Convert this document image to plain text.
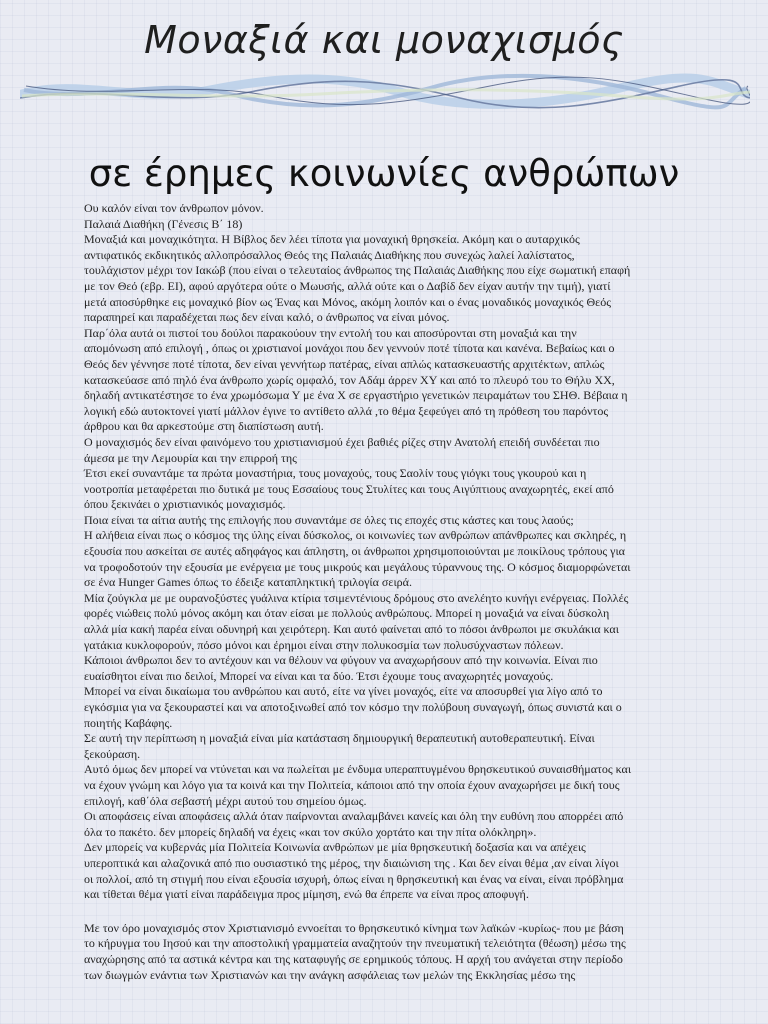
Μοναξιά και μοναχισμός
σε έρημες κοινωνίες ανθρώπων

Ου καλόν είναι τον άνθρωπον μόνον.

Παλαιά Διαθήκη (Γένεσις Β΄ 18)

Μοναξιά και μοναχικότητα. Η Βίβλος δεν λέει τίποτα για μοναχική θρησκεία. Ακόμη και ο αυταρχικός

αντιφατικός εκδικητικός αλλοπρόσαλλος Θεός της Παλαιάς Διαθήκης που συνεχώς λαλεί λαλίστατος,

τουλάχιστον μέχρι τον Ιακώβ (που είναι ο τελευταίος άνθρωπος της Παλαιάς Διαθήκης που είχε σωματική επαφή

με τον Θεό (εβρ. ΕΙ), αφού αργότερα ούτε ο Μωυσής, αλλά ούτε και ο Δαβίδ δεν είχαν αυτήν την τιμή), γιατί

μετά αποσύρθηκε εις μοναχικό βίον ως Ένας και Μόνος, ακόμη λοιπόν και ο ένας μοναδικός μοναχικός Θεός

παραπηρεί και παραδέχεται πως δεν είναι καλό, ο άνθρωπος να είναι μόνος.

Παρ΄όλα αυτά οι πιστοί του δούλοι παρακούουν την εντολή του και αποσύρονται στη μοναξιά και την

απομόνωση από επιλογή , όπως οι χριστιανοί μονάχοι που δεν γεννούν ποτέ τίποτα και κανένα. Βεβαίως και ο

Θεός δεν γέννησε ποτέ τίποτα, δεν είναι γεννήτωρ πατέρας, είναι απλώς κατασκευαστής αρχιτέκτων, απλώς

κατασκεύασε από πηλό ένα άνθρωπο χωρίς ομφαλό, τον Αδάμ άρρεν ΧΥ και από το πλευρό του το Θήλυ ΧΧ,

δηλαδή αντικατέστησε το ένα χρωμόσωμα Υ με ένα Χ σε εργαστήριο γενετικών πειραμάτων του ΣΗΘ. Βέβαια η

λογική εδώ αυτοκτονεί γιατί μάλλον έγινε το αντίθετο αλλά ,το θέμα ξεφεύγει από τη πρόθεση του παρόντος

άρθρου και θα αρκεστούμε στη διαπίστωση αυτή.

Ο μοναχισμός δεν είναι φαινόμενο του χριστιανισμού έχει βαθιές ρίζες στην Ανατολή επειδή συνδέεται πιο

άμεσα με την Λεμουρία και την επιρροή της

Έτσι εκεί συναντάμε τα πρώτα μοναστήρια, τους μοναχούς, τους Σαολίν τους γιόγκι τους γκουρού και η

νοοτροπία μεταφέρεται πιο δυτικά με τους Εσσαίους τους Στυλίτες και τους Αιγύπτιους αναχωρητές, εκεί από

όπου ξεκινάει ο χριστιανικός μοναχισμός.

Ποια είναι τα αίτια αυτής της επιλογής που συναντάμε σε όλες τις εποχές στις κάστες και τους λαούς;

Η αλήθεια είναι πως ο κόσμος της ύλης είναι δύσκολος, οι κοινωνίες των ανθρώπων απάνθρωπες και σκληρές, η

εξουσία που ασκείται σε αυτές αδηφάγος και άπληστη, οι άνθρωποι χρησιμοποιούνται με ποικίλους τρόπους για

να τροφοδοτούν την εξουσία με ενέργεια με τους μικρούς και μεγάλους τύραννους της. Ο κόσμος διαμορφώνεται

σε ένα Hunger Games όπως το έδειξε καταπληκτική τριλογία σειρά.

Μία ζούγκλα με με ουρανοξύστες γυάλινα κτίρια τσιμεντένιους δρόμους στο ανελέητο κυνήγι ενέργειας. Πολλές

φορές νιώθεις πολύ μόνος ακόμη και όταν είσαι με πολλούς ανθρώπους. Μπορεί η μοναξιά να είναι δύσκολη

αλλά μία κακή παρέα είναι οδυνηρή και χειρότερη. Και αυτό φαίνεται από το πόσοι άνθρωποι με σκυλάκια και

γατάκια κυκλοφορούν, πόσο μόνοι και έρημοι είναι στην πολυκοσμία των πολυσύχναστων πόλεων.

Κάποιοι άνθρωποι δεν το αντέχουν και να θέλουν να φύγουν να αναχωρήσουν από την κοινωνία. Είναι πιο

ευαίσθητοι είναι πιο δειλοί, Μπορεί να είναι και τα δύο. Έτσι έχουμε τους αναχωρητές μοναχούς.

Μπορεί να είναι δικαίωμα του ανθρώπου και αυτό, είτε να γίνει μοναχός, είτε να αποσυρθεί για λίγο από το

εγκόσμια για να ξεκουραστεί και να αποτοξινωθεί από τον κόσμο την πολύβουη συναγωγή, όπως συνιστά και ο

ποιητής Καβάφης.

Σε αυτή την περίπτωση η μοναξιά είναι μία κατάσταση δημιουργική θεραπευτική αυτοθεραπευτική. Είναι

ξεκούραση.

Αυτό όμως δεν μπορεί να ντύνεται και να πωλείται με ένδυμα υπεραπτυγμένου θρησκευτικού συναισθήματος και

να έχουν γνώμη και λόγο για τα κοινά και την Πολιτεία, κάποιοι από την οποία έχουν αναχωρήσει με δική τους

επιλογή, καθ΄όλα σεβαστή μέχρι αυτού του σημείου όμως.

Οι αποφάσεις είναι αποφάσεις αλλά όταν παίρνονται αναλαμβάνει κανείς και όλη την ευθύνη που απορρέει από

όλα το πακέτο. δεν μπορείς δηλαδή να έχεις «και τον σκύλο χορτάτο και την πίτα ολόκληρη».

Δεν μπορείς να κυβερνάς μία Πολιτεία Κοινωνία ανθρώπων με μία θρησκευτική δοξασία και να απέχεις

υπεροπτικά και αλαζονικά από πιο ουσιαστικό της μέρος, την διαιώνιση της . Και δεν είναι θέμα ,αν είναι λίγοι

οι πολλοί, από τη στιγμή που είναι εξουσία ισχυρή, όπως είναι η θρησκευτική και ένας να είναι, είναι πρόβλημα

και τίθεται θέμα γιατί είναι παράδειγμα προς μίμηση, ενώ θα έπρεπε να είναι προς αποφυγή.

Με τον όρο μοναχισμός στον Χριστιανισμό εννοείται το θρησκευτικό κίνημα των λαϊκών -κυρίως- που με βάση

το κήρυγμα του Ιησού και την αποστολική γραμματεία αναζητούν την πνευματική τελειότητα (θέωση) μέσω της

αναχώρησης από τα αστικά κέντρα και της καταφυγής σε ερημικούς τόπους. Η αρχή του ανάγεται στην περίοδο

των διωγμών ενάντια των Χριστιανών και την ανάγκη ασφάλειας των μελών της Εκκλησίας μέσω της
